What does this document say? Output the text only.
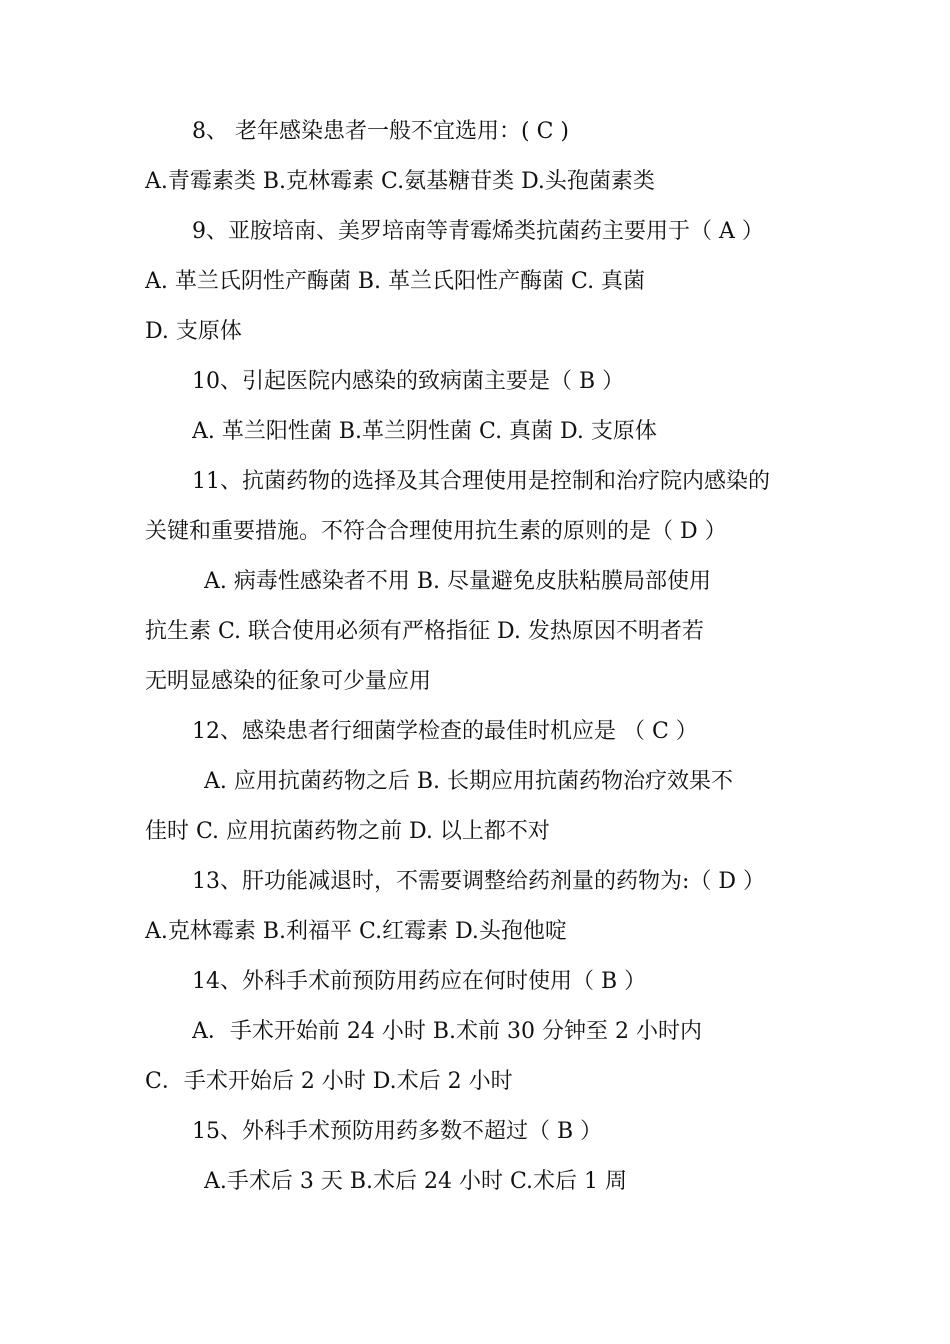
8、 老年感染患者一般不宜选用：( C )
A.青霉素类 B.克林霉素 C.氨基糖苷类 D.头孢菌素类
9、亚胺培南、美罗培南等青霉烯类抗菌药主要用于（ A ）
A. 革兰氏阴性产酶菌 B. 革兰氏阳性产酶菌 C. 真菌
D. 支原体
10、引起医院内感染的致病菌主要是（ B ）
A. 革兰阳性菌 B.革兰阴性菌 C. 真菌 D. 支原体
11、抗菌药物的选择及其合理使用是控制和治疗院内感染的
关键和重要措施。不符合合理使用抗生素的原则的是（ D ）
A. 病毒性感染者不用 B. 尽量避免皮肤粘膜局部使用
抗生素 C. 联合使用必须有严格指征 D. 发热原因不明者若
无明显感染的征象可少量应用
12、感染患者行细菌学检查的最佳时机应是 （ C ）
A. 应用抗菌药物之后 B. 长期应用抗菌药物治疗效果不
佳时 C. 应用抗菌药物之前 D. 以上都不对
13、肝功能减退时，不需要调整给药剂量的药物为:（ D ）
A.克林霉素 B.利福平 C.红霉素 D.头孢他啶
14、外科手术前预防用药应在何时使用（ B ）
A．手术开始前 24 小时 B.术前 30 分钟至 2 小时内
C．手术开始后 2 小时 D.术后 2 小时
15、外科手术预防用药多数不超过（ B ）
A.手术后 3 天 B.术后 24 小时 C.术后 1 周
